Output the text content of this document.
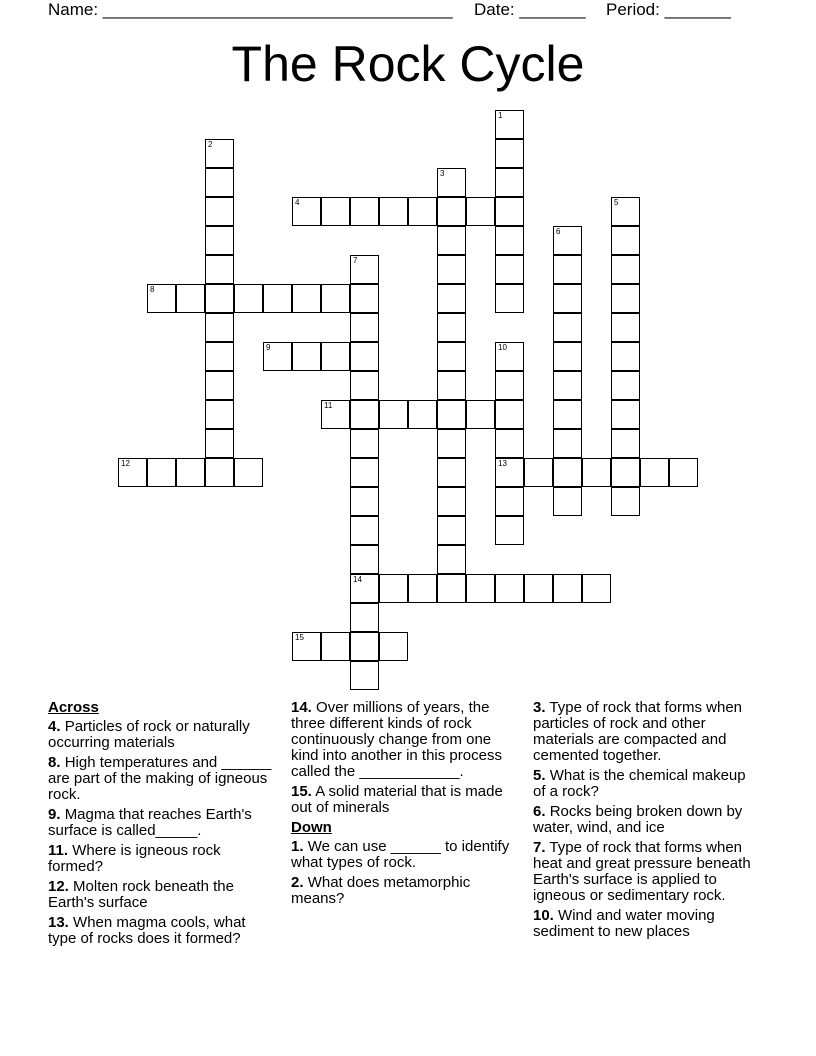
Name: _____________________________________ Date: _______ Period: _______
The Rock Cycle
1
2
3
4	5
6
7
14
8
9	10
13
11
12
15
Across
4. Particles of rock or naturally occurring materials
8. High temperatures and ______ are part of the making of igneous rock.
9. Magma that reaches Earth's surface is called_____.
11. Where is igneous rock formed?
12. Molten rock beneath the Earth's surface
13. When magma cools, what type of rocks does it formed?
14. Over millions of years, the three different kinds of rock continuously change from one kind into another in this process called the ____________.
15. A solid material that is made out of minerals
Down
1. We can use ______ to identify what types of rock.
2. What does metamorphic means?
3. Type of rock that forms when particles of rock and other materials are compacted and cemented together.
5. What is the chemical makeup of a rock?
6. Rocks being broken down by water, wind, and ice
7. Type of rock that forms when heat and great pressure beneath Earth's surface is applied to igneous or sedimentary rock.
10. Wind and water moving sediment to new places
